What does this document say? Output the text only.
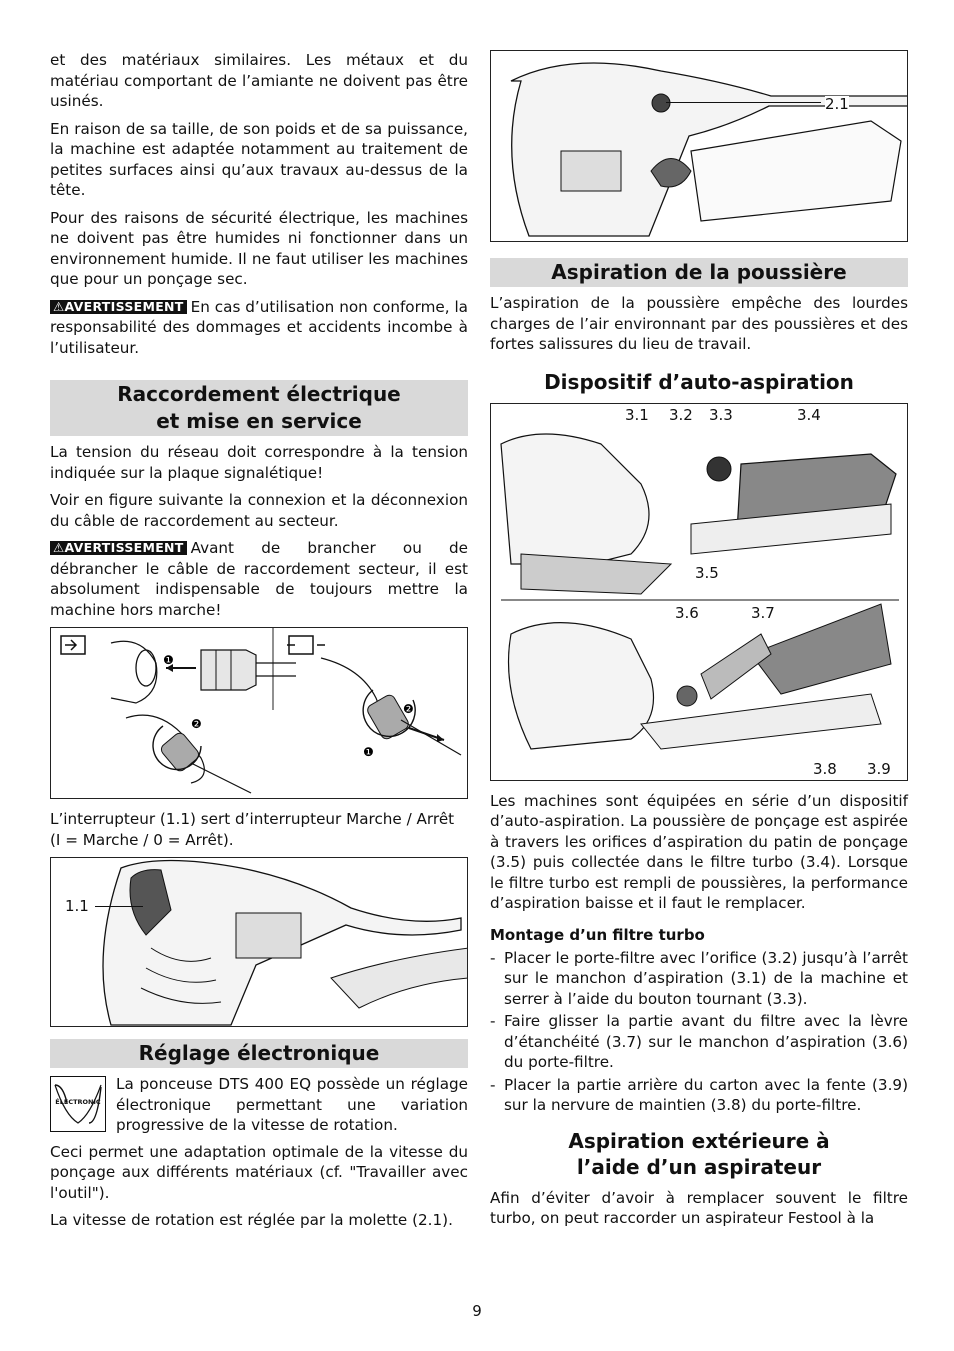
et des matériaux similaires. Les métaux et du matériau comportant de l’amiante ne doivent pas être usinés.

En raison de sa taille, de son poids et de sa puissance, la machine est adaptée notamment au traitement de petites surfaces ainsi qu’aux travaux au-dessus de la tête.

Pour des raisons de sécurité électrique, les machines ne doivent pas être humides ni fonctionner dans un environnement humide. Il ne faut utiliser les machines que pour un ponçage sec.

⚠AVERTISSEMENT En cas d’utilisation non conforme, la responsabilité des dommages et accidents incombe à l’utilisateur.

Raccordement électrique
et mise en service

La tension du réseau doit correspondre à la tension indiquée sur la plaque signalétique!

Voir en figure suivante la connexion et la déconnexion du câble de raccordement au secteur.

⚠AVERTISSEMENT Avant de brancher ou de débrancher le câble de raccordement secteur, il est absolument indispensable de toujours mettre la machine hors marche!

❶
❷
❷
❶

L’interrupteur (1.1) sert d’interrupteur Marche / Arrêt (I = Marche / 0 = Arrêt).

1.1
Réglage électronique
ÉLECTRONIC

La ponceuse DTS 400 EQ possède un réglage électronique permettant une variation progressive de la vitesse de rotation.

Ceci permet une adaptation optimale de la vitesse du ponçage aux différents matériaux (cf. "Travailler avec l'outil").

La vitesse de rotation est réglée par la molette (2.1).

2.1
Aspiration de la poussière

L’aspiration de la poussière empêche des lourdes charges de l’air environnant par des poussières et des fortes salissures du lieu de travail.

Dispositif d’auto-aspiration
3.1 3.2 3.3	3.4
3.5
3.6	3.7
3.8 3.9

Les machines sont équipées en série d’un dispositif d’auto-aspiration. La poussière de ponçage est aspirée à travers les orifices d’aspiration du patin de ponçage (3.5) puis collectée dans le filtre turbo (3.4). Lorsque le filtre turbo est rempli de poussières, la performance d’aspiration baisse et il faut le remplacer.

Montage d’un filtre turbo
- Placer le porte-filtre avec l’orifice (3.2) jusqu’à l’arrêt sur le manchon d’aspiration (3.1) de la machine et serrer à l’aide du bouton tournant (3.3).
- Faire glisser la partie avant du filtre avec la lèvre d’étanchéité (3.7) sur le manchon d’aspiration (3.6) du porte-filtre.
- Placer la partie arrière du carton avec la fente (3.9) sur la nervure de maintien (3.8) du porte-filtre.
Aspiration extérieure à
l’aide d’un aspirateur

Afin d’éviter d’avoir à remplacer souvent le filtre turbo, on peut raccorder un aspirateur Festool à la

9
